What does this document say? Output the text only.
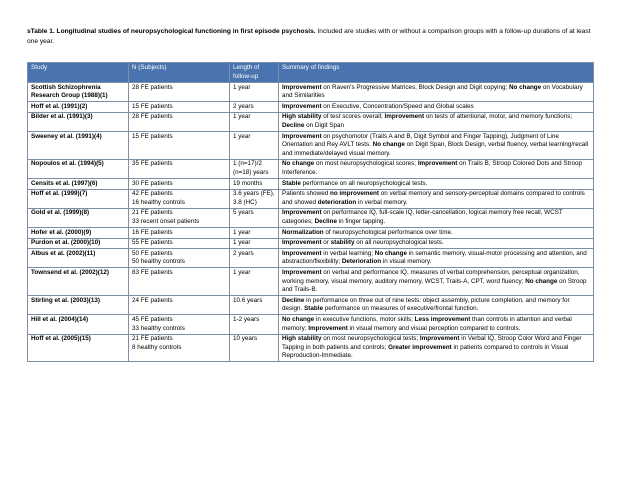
sTable 1. Longitudinal studies of neuropsychological functioning in first episode psychosis. Included are studies with or without a comparison groups with a follow-up durations of at least one year.
Study	N (Subjects)	Length of follow-up	Summary of findings
Scottish Schizophrenia Research Group (1988)(1)	28 FE patients	1 year	Improvement on Raven's Progressive Matrices, Block Design and Digit copying; No change on Vocabulary and Similarities
Hoff et al. (1991)(2)	15 FE patients	2 years	Improvement on Executive, Concentration/Speed and Global scales
Bilder et al. (1991)(3)	28 FE patients	1 year	High stability of test scores overall; Improvement on tests of attentional, motor, and memory functions; Decline on Digit Span
Sweeney et al. (1991)(4)	15 FE patients	1 year	Improvement on psychomotor (Trails A and B, Digit Symbol and Finger Tapping), Judgment of Line Orientation and Rey AVLT tests. No change on Digit Span, Block Design, verbal fluency, verbal learning/recall and immediate/delayed visual memory.
Nopoulos et al. (1994)(5)	35 FE patients	1 (n=17)/2 (n=18) years	No change on most neuropsychological scores; Improvement on Trails B, Stroop Colored Dots and Stroop Interference.
Censits et al. (1997)(6)	30 FE patients	19 months	Stable performance on all neuropsychological tests.
Hoff et al. (1999)(7)	42 FE patients
16 healthy controls	3.6 years (FE), 3.8 (HC)	Patients showed no improvement on verbal memory and sensory-perceptual domains compared to controls and showed deterioration in verbal memory.
Gold et al. (1999)(8)	21 FE patients
33 recent onset patients	5 years	Improvement on performance IQ, full-scale IQ, letter-cancellation, logical memory free recall, WCST categories; Decline in finger tapping.
Hofer et al. (2000)(9)	16 FE patients	1 year	Normalization of neuropsychological performance over time.
Purdon et al. (2000)(10)	55 FE patients	1 year	Improvement or stability on all neuropsychological tests.
Albus et al. (2002)(11)	50 FE patients
50 healthy controls	2 years	Improvement in verbal learning; No change in semantic memory, visual-motor processing and attention, and abstraction/flexibility; Deterioration in visual memory.
Townsend et al. (2002)(12)	83 FE patients	1 year	Improvement on verbal and performance IQ, measures of verbal comprehension, perceptual organization, working memory, visual memory, auditory memory, WCST, Trails-A, CPT, word fluency; No change on Stroop and Trails-B.
Stirling et al. (2003)(13)	24 FE patients	10.6 years	Decline in performance on three out of nine tests: object assembly, picture completion, and memory for design. Stable performance on measures of executive/frontal function.
Hill et al. (2004)(14)	45 FE patients
33 healthy controls	1-2 years	No change in executive functions, motor skills; Less improvement than controls in attention and verbal memory; Improvement in visual memory and visual perception compared to controls.
Hoff et al. (2005)(15)	21 FE patients
8 healthy controls	10 years	High stability on most neuropsychological tests; Improvement in Verbal IQ, Stroop Color Word and Finger Tapping in both patients and controls; Greater improvement in patients compared to controls in Visual Reproduction-Immediate.
